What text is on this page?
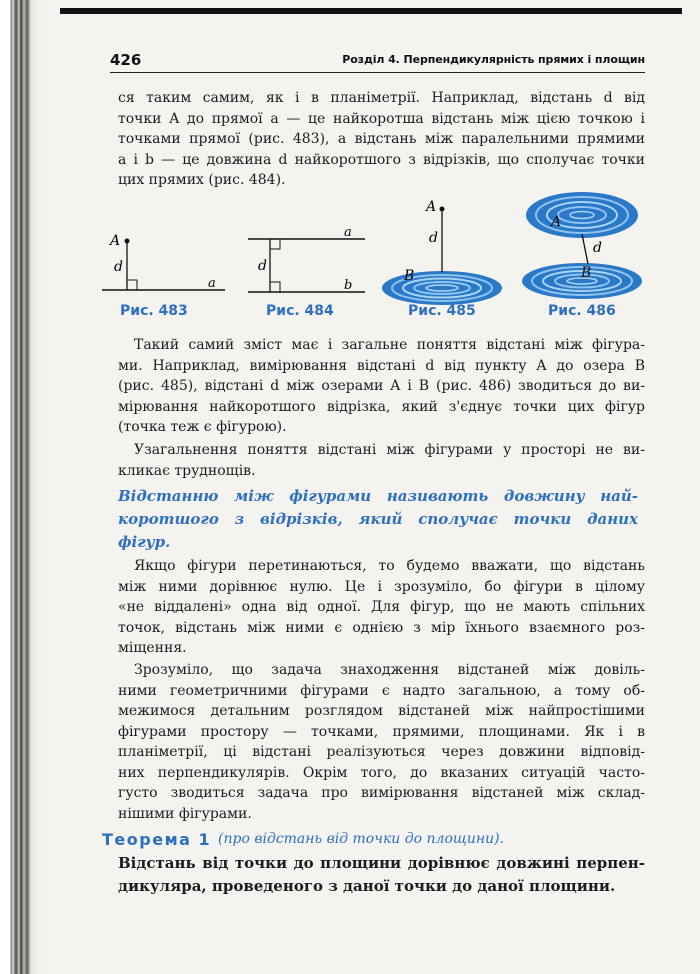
426	Розділ 4. Перпендикулярність прямих і площин
ся таким самим, як і в планіметрії. Наприклад, відстань d від
точки A до прямої a — це найкоротша відстань між цією точкою і
точками прямої (рис. 483), а відстань між паралельними прямими
a і b — це довжина d найкоротшого з відрізків, що сполучає точки
цих прямих (рис. 484).
A
d
a
Рис. 483
d
a
b
Рис. 484
A
d
B
Рис. 485
A
d
B
Рис. 486
Такий самий зміст має і загальне поняття відстані між фігура-
ми. Наприклад, вимірювання відстані d від пункту A до озера B
(рис. 485), відстані d між озерами A і B (рис. 486) зводиться до ви-
мірювання найкоротшого відрізка, який з'єднує точки цих фігур
(точка теж є фігурою).
Узагальнення поняття відстані між фігурами у просторі не ви-
кликає труднощів.
Відстанню між фігурами називають довжину най-
коротшого з відрізків, який сполучає точки даних
фігур.
Якщо фігури перетинаються, то будемо вважати, що відстань
між ними дорівнює нулю. Це і зрозуміло, бо фігури в цілому
«не віддалені» одна від одної. Для фігур, що не мають спільних
точок, відстань між ними є однією з мір їхнього взаємного роз-
міщення.
Зрозуміло, що задача знаходження відстаней між довіль-
ними геометричними фігурами є надто загальною, а тому об-
межимося детальним розглядом відстаней між найпростішими
фігурами простору — точками, прямими, площинами. Як і в
планіметрії, ці відстані реалізуються через довжини відповід-
них перпендикулярів. Окрім того, до вказаних ситуацій часто-
густо зводиться задача про вимірювання відстаней між склад-
нішими фігурами.
Теорема 1 (про відстань від точки до площини).
Відстань від точки до площини дорівнює довжині перпен-
дикуляра, проведеного з даної точки до даної площини.
